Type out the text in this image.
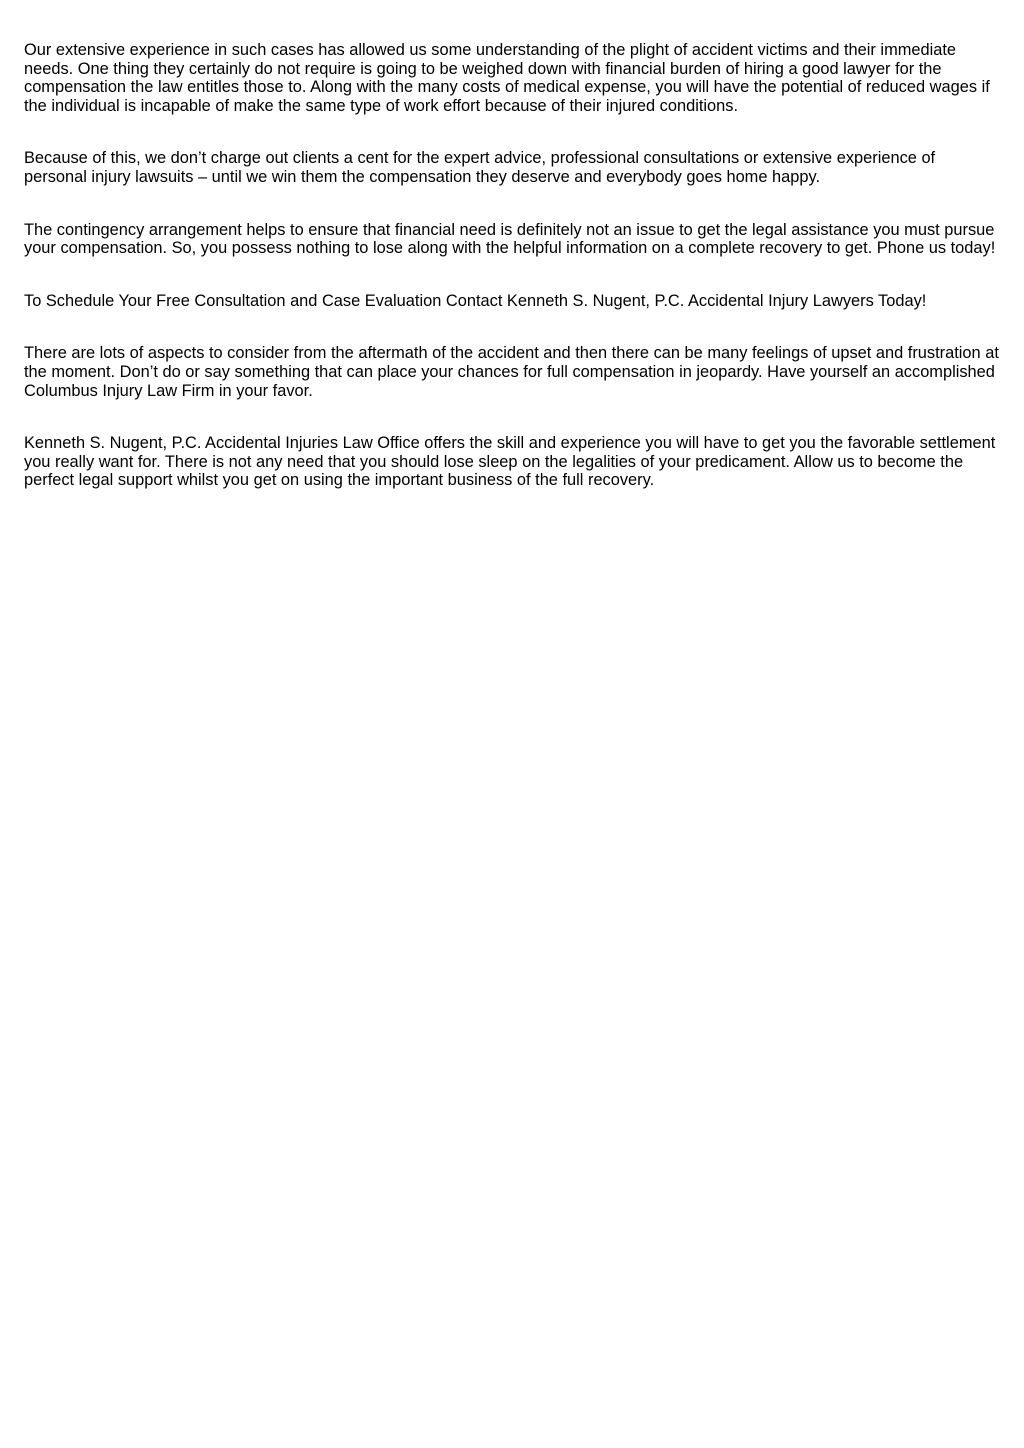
Our extensive experience in such cases has allowed us some understanding of the plight of accident victims and their immediate needs. One thing they certainly do not require is going to be weighed down with financial burden of hiring a good lawyer for the compensation the law entitles those to. Along with the many costs of medical expense, you will have the potential of reduced wages if the individual is incapable of make the same type of work effort because of their injured conditions.

Because of this, we don’t charge out clients a cent for the expert advice, professional consultations or extensive experience of personal injury lawsuits – until we win them the compensation they deserve and everybody goes home happy.

The contingency arrangement helps to ensure that financial need is definitely not an issue to get the legal assistance you must pursue your compensation. So, you possess nothing to lose along with the helpful information on a complete recovery to get. Phone us today!

To Schedule Your Free Consultation and Case Evaluation Contact Kenneth S. Nugent, P.C. Accidental Injury Lawyers Today!

There are lots of aspects to consider from the aftermath of the accident and then there can be many feelings of upset and frustration at the moment. Don’t do or say something that can place your chances for full compensation in jeopardy. Have yourself an accomplished Columbus Injury Law Firm in your favor.

Kenneth S. Nugent, P.C. Accidental Injuries Law Office offers the skill and experience you will have to get you the favorable settlement you really want for. There is not any need that you should lose sleep on the legalities of your predicament. Allow us to become the perfect legal support whilst you get on using the important business of the full recovery.
